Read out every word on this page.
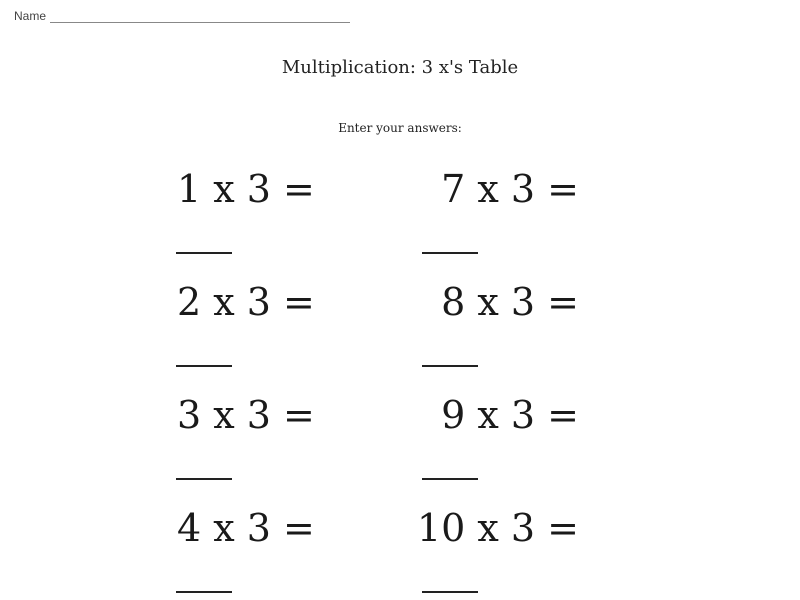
Name
Multiplication: 3 x's Table
Enter your answers:
1 x 3 =
2 x 3 =
3 x 3 =
4 x 3 =
7 x 3 =
8 x 3 =
9 x 3 =
10 x 3 =
